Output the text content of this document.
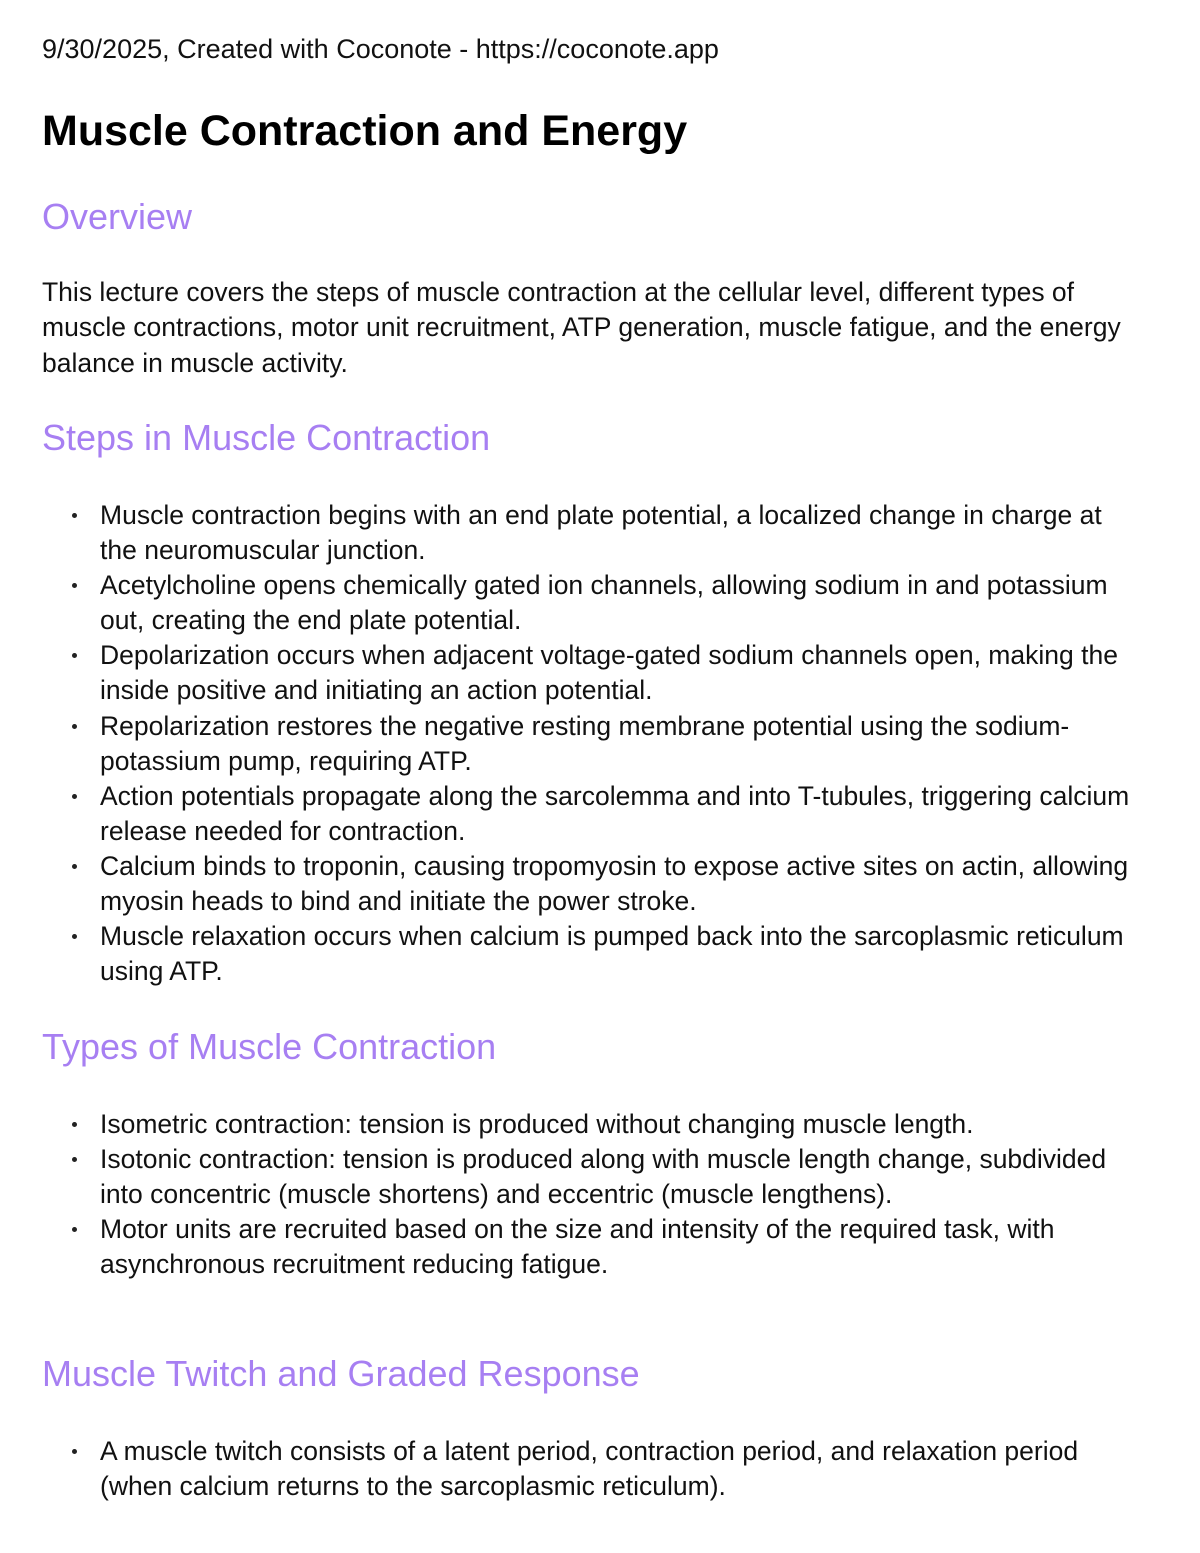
9/30/2025, Created with Coconote - https://coconote.app
Muscle Contraction and Energy
Overview

This lecture covers the steps of muscle contraction at the cellular level, different types of muscle contractions, motor unit recruitment, ATP generation, muscle fatigue, and the energy balance in muscle activity.

Steps in Muscle Contraction
Muscle contraction begins with an end plate potential, a localized change in charge at the neuromuscular junction.
Acetylcholine opens chemically gated ion channels, allowing sodium in and potassium out, creating the end plate potential.
Depolarization occurs when adjacent voltage-gated sodium channels open, making the inside positive and initiating an action potential.
Repolarization restores the negative resting membrane potential using the sodium-potassium pump, requiring ATP.
Action potentials propagate along the sarcolemma and into T-tubules, triggering calcium release needed for contraction.
Calcium binds to troponin, causing tropomyosin to expose active sites on actin, allowing myosin heads to bind and initiate the power stroke.
Muscle relaxation occurs when calcium is pumped back into the sarcoplasmic reticulum using ATP.
Types of Muscle Contraction
Isometric contraction: tension is produced without changing muscle length.
Isotonic contraction: tension is produced along with muscle length change, subdivided into concentric (muscle shortens) and eccentric (muscle lengthens).
Motor units are recruited based on the size and intensity of the required task, with asynchronous recruitment reducing fatigue.
Muscle Twitch and Graded Response
A muscle twitch consists of a latent period, contraction period, and relaxation period (when calcium returns to the sarcoplasmic reticulum).
